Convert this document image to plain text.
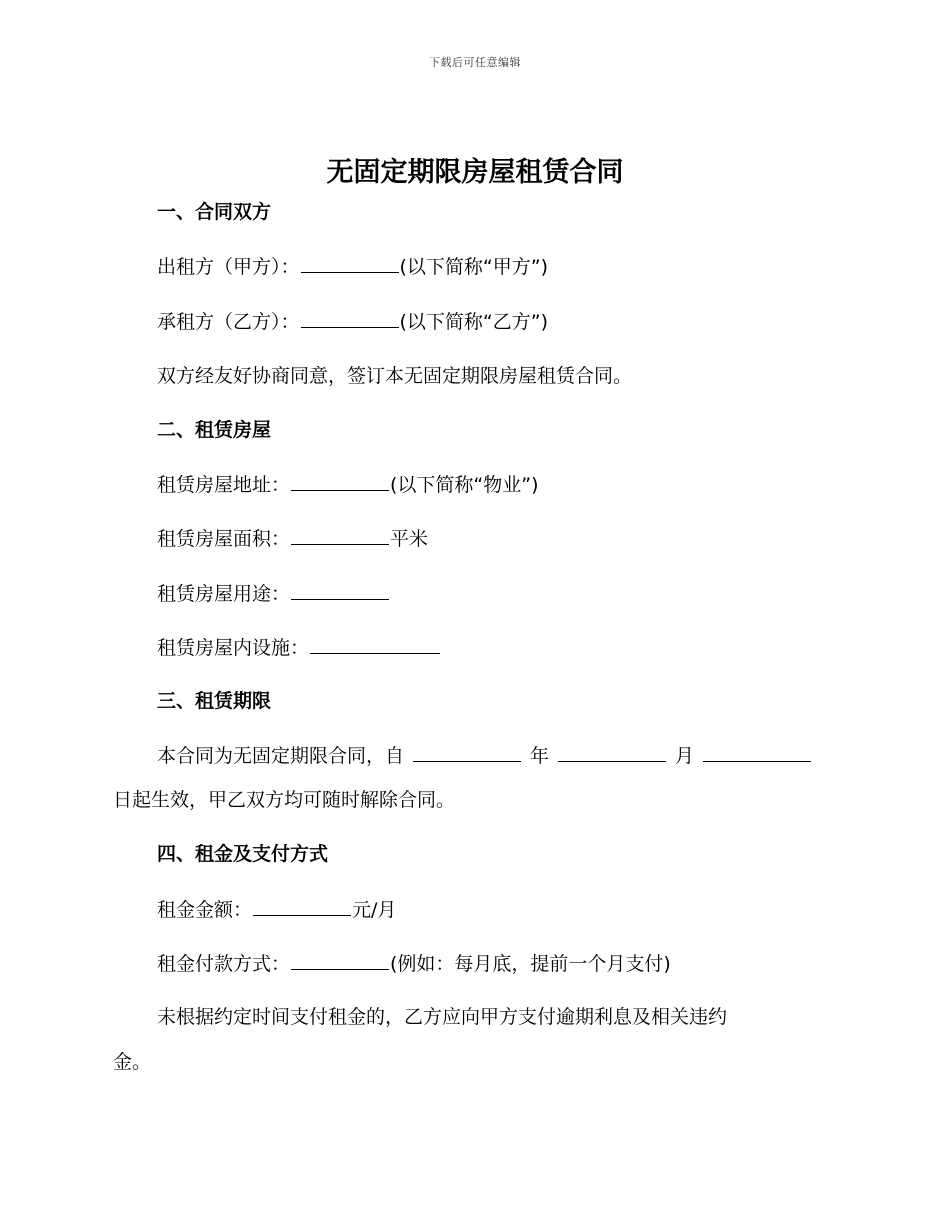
下载后可任意编辑
无固定期限房屋租赁合同
一、合同双方
出租方（甲方）：	(以下简称“甲方”)
承租方（乙方）：	(以下简称“乙方”)
双方经友好协商同意，签订本无固定期限房屋租赁合同。
二、租赁房屋
租赁房屋地址：	(以下简称“物业”)
租赁房屋面积：	平米
租赁房屋用途：
租赁房屋内设施：
三、租赁期限
本合同为无固定期限合同，自	年	月
日起生效，甲乙双方均可随时解除合同。
四、租金及支付方式
租金金额：	元/月
租金付款方式：	(例如：每月底，提前一个月支付)
未根据约定时间支付租金的，乙方应向甲方支付逾期利息及相关违约
金。
